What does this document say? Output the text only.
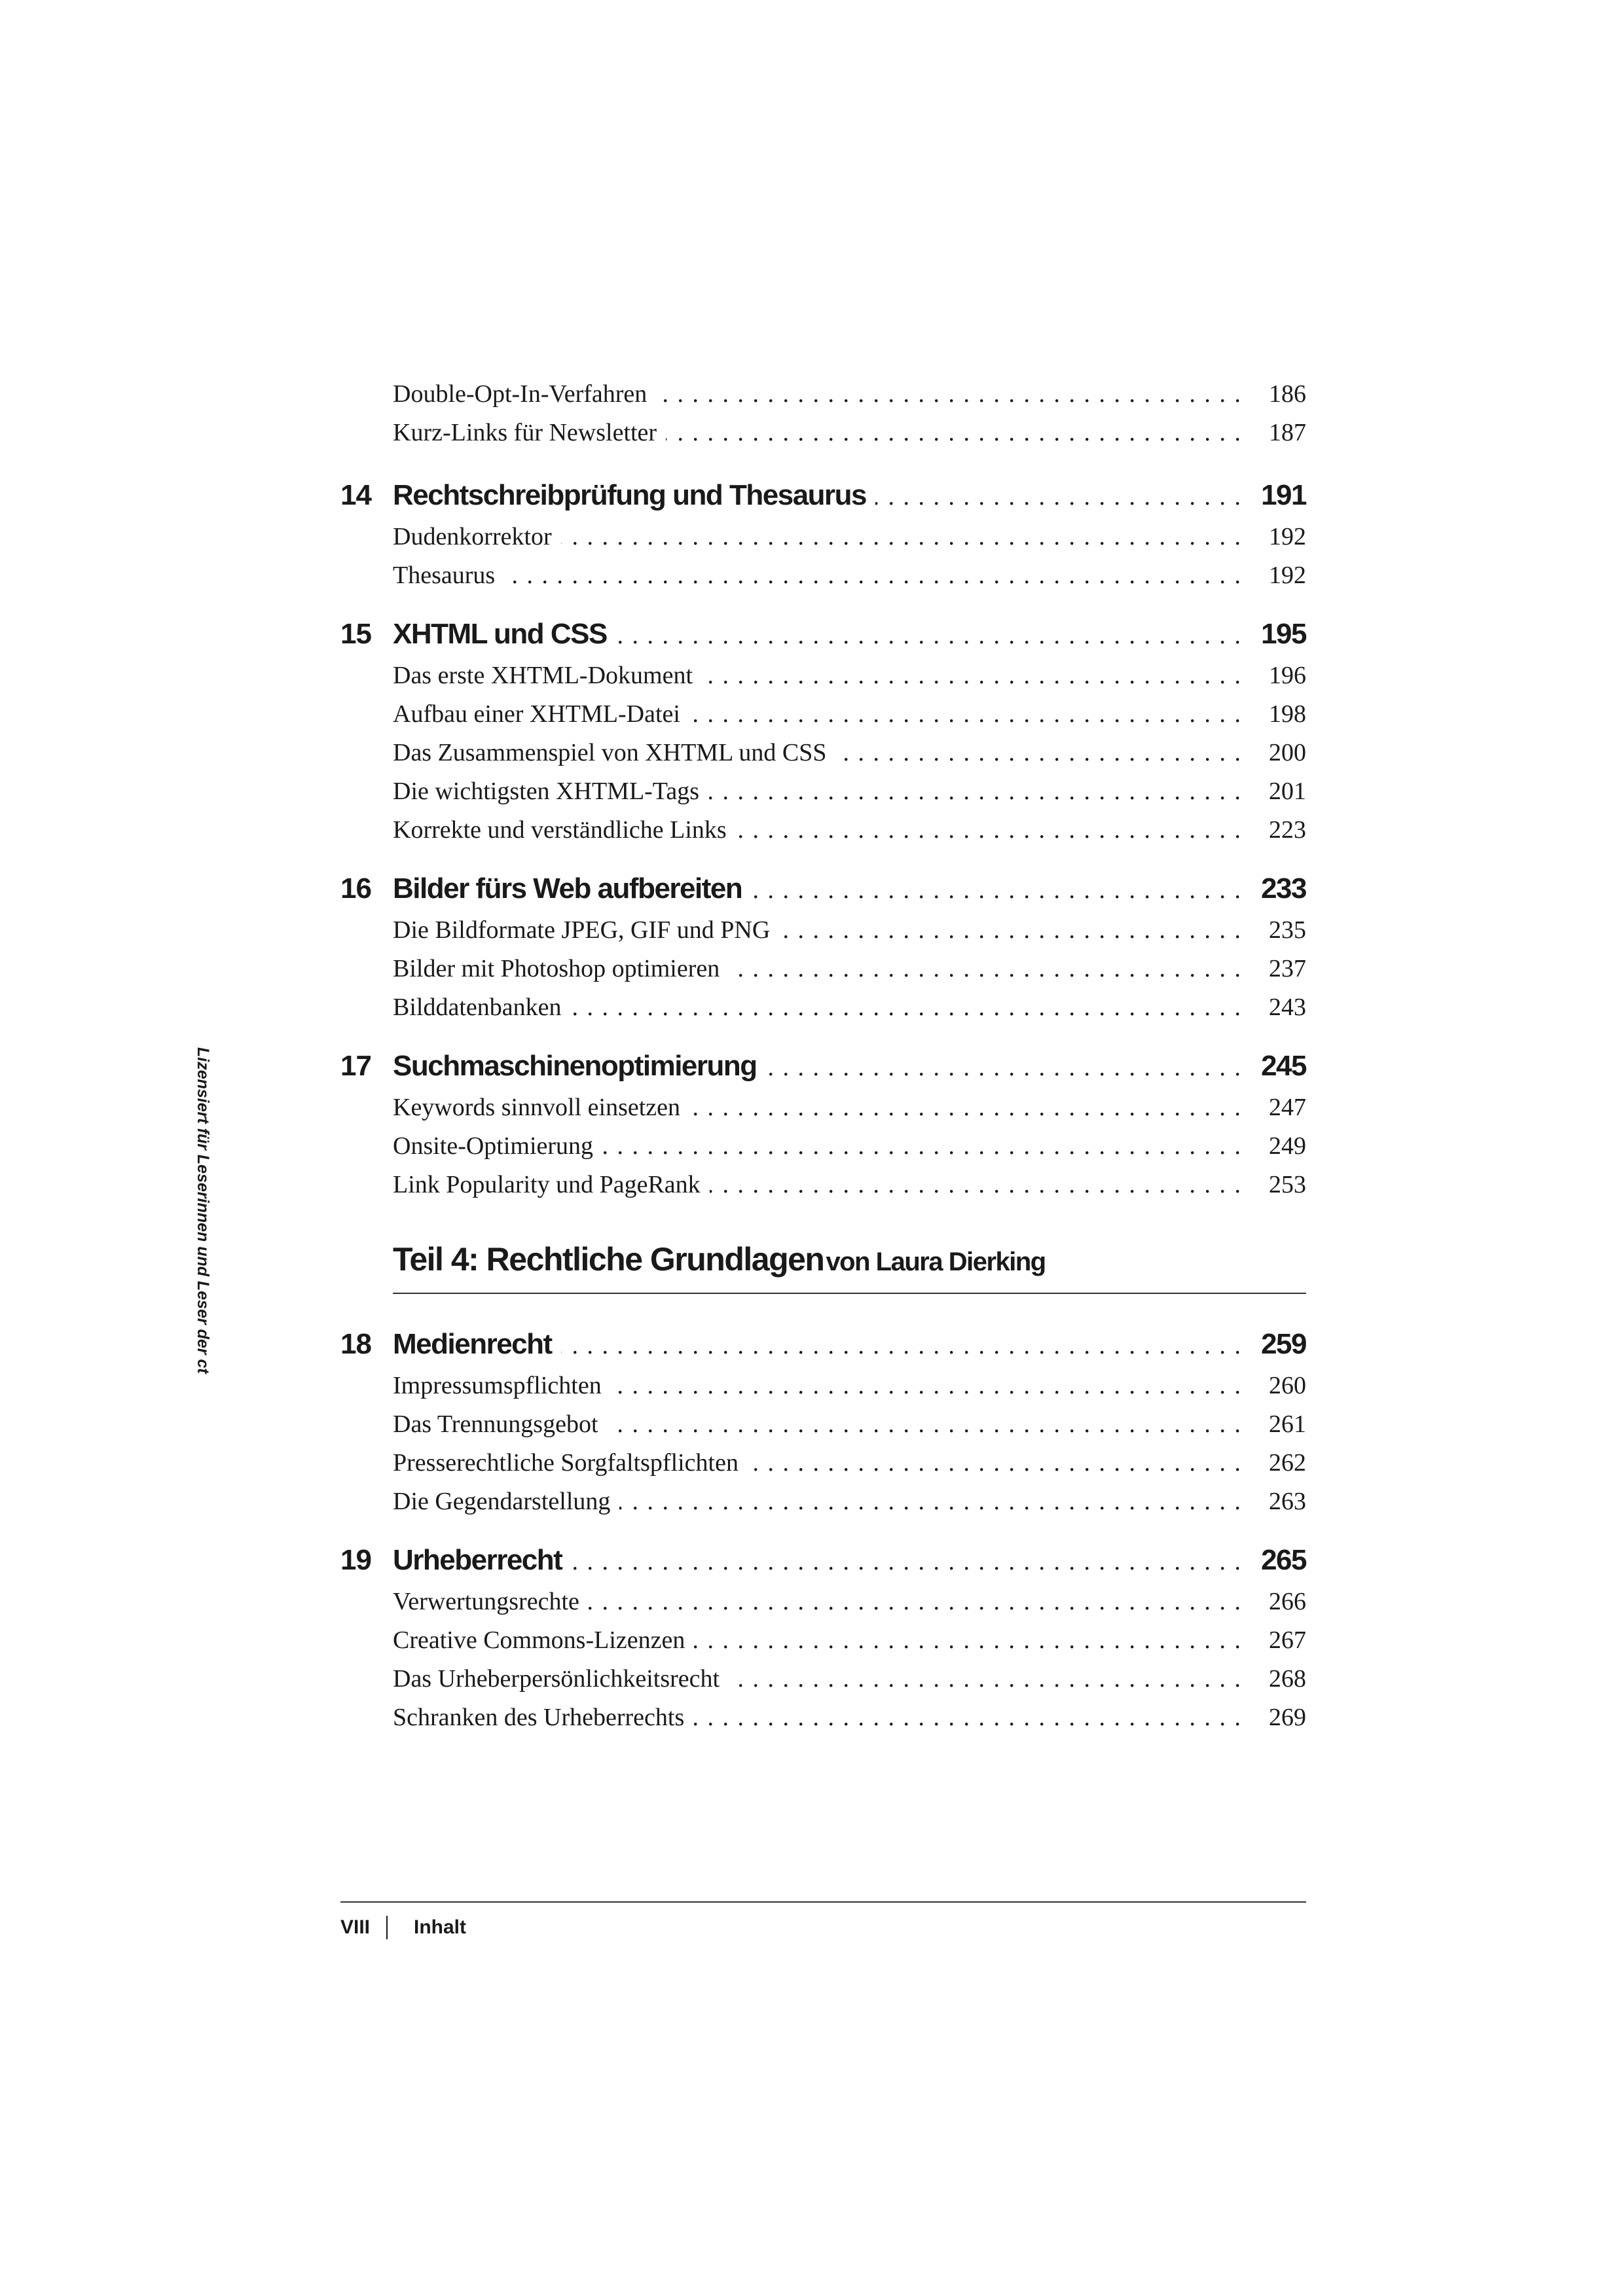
Lizensiert für Leserinnen und Leser der ct
Double-Opt-In-Verfahren . . .	186
Kurz-Links für Newsletter . . .	187
14 Rechtschreibprüfung und Thesaurus . . .	191
Dudenkorrektor . . .	192
Thesaurus . . .	192
15 XHTML und CSS . . .	195
Das erste XHTML-Dokument . . .	196
Aufbau einer XHTML-Datei . . .	198
Das Zusammenspiel von XHTML und CSS . . .	200
Die wichtigsten XHTML-Tags . . .	201
Korrekte und verständliche Links . . .	223
16 Bilder fürs Web aufbereiten . . .	233
Die Bildformate JPEG, GIF und PNG . . .	235
Bilder mit Photoshop optimieren . . .	237
Bilddatenbanken . . .	243
17 Suchmaschinenoptimierung . . .	245
Keywords sinnvoll einsetzen . . .	247
Onsite-Optimierung . . .	249
Link Popularity und PageRank . . .	253
Teil 4: Rechtliche Grundlagen von Laura Dierking
18 Medienrecht . . .	259
Impressumspflichten . . .	260
Das Trennungsgebot . . .	261
Presserechtliche Sorgfaltspflichten . . .	262
Die Gegendarstellung . . .	263
19 Urheberrecht . . .	265
Verwertungsrechte . . .	266
Creative Commons-Lizenzen . . .	267
Das Urheberpersönlichkeitsrecht . . .	268
Schranken des Urheberrechts . . .	269
VIII	Inhalt
